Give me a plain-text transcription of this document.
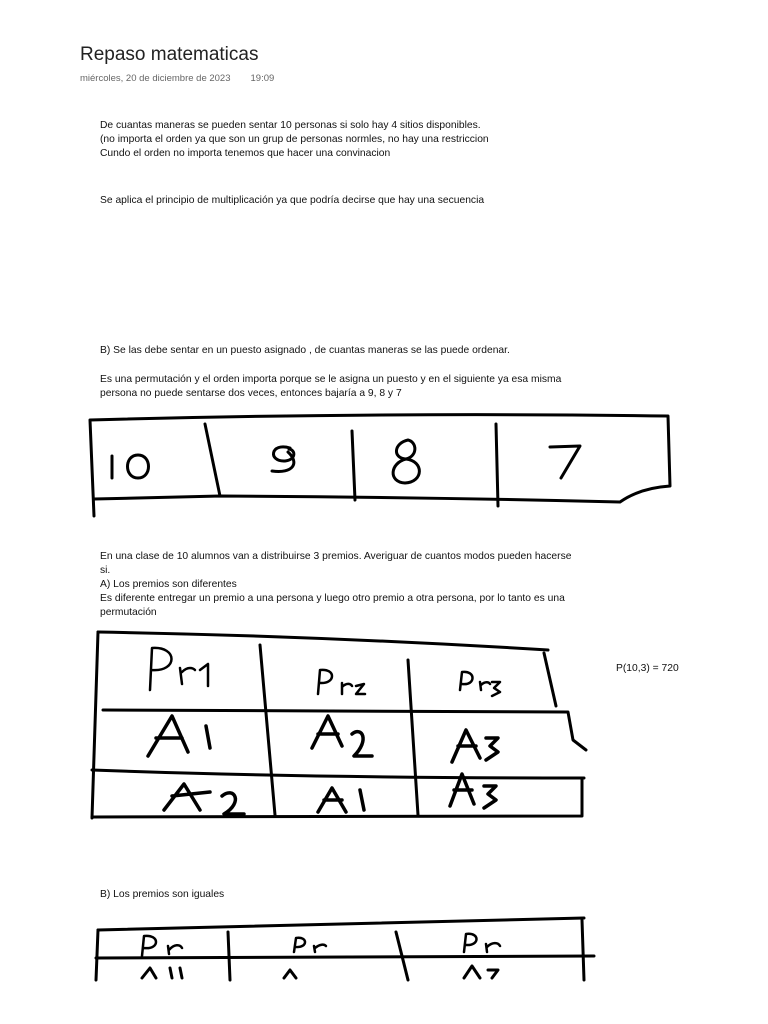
Repaso matematicas
miércoles, 20 de diciembre de 2023 19:09
De cuantas maneras se pueden sentar 10 personas si solo hay 4 sitios disponibles.
(no importa el orden ya que son un grup de personas normles, no hay una restriccion
Cundo el orden no importa tenemos que hacer una convinacion
Se aplica el principio de multiplicación ya que podría decirse que hay una secuencia
B) Se las debe sentar en un puesto asignado , de cuantas maneras se las puede ordenar.
Es una permutación y el orden importa porque se le asigna un puesto y en el siguiente ya esa misma
persona no puede sentarse dos veces, entonces bajaría a 9, 8 y 7
En una clase de 10 alumnos van a distribuirse 3 premios. Averiguar de cuantos modos pueden hacerse
si.
A) Los premios son diferentes
Es diferente entregar un premio a una persona y luego otro premio a otra persona, por lo tanto es una
permutación
P(10,3) = 720
B) Los premios son iguales
